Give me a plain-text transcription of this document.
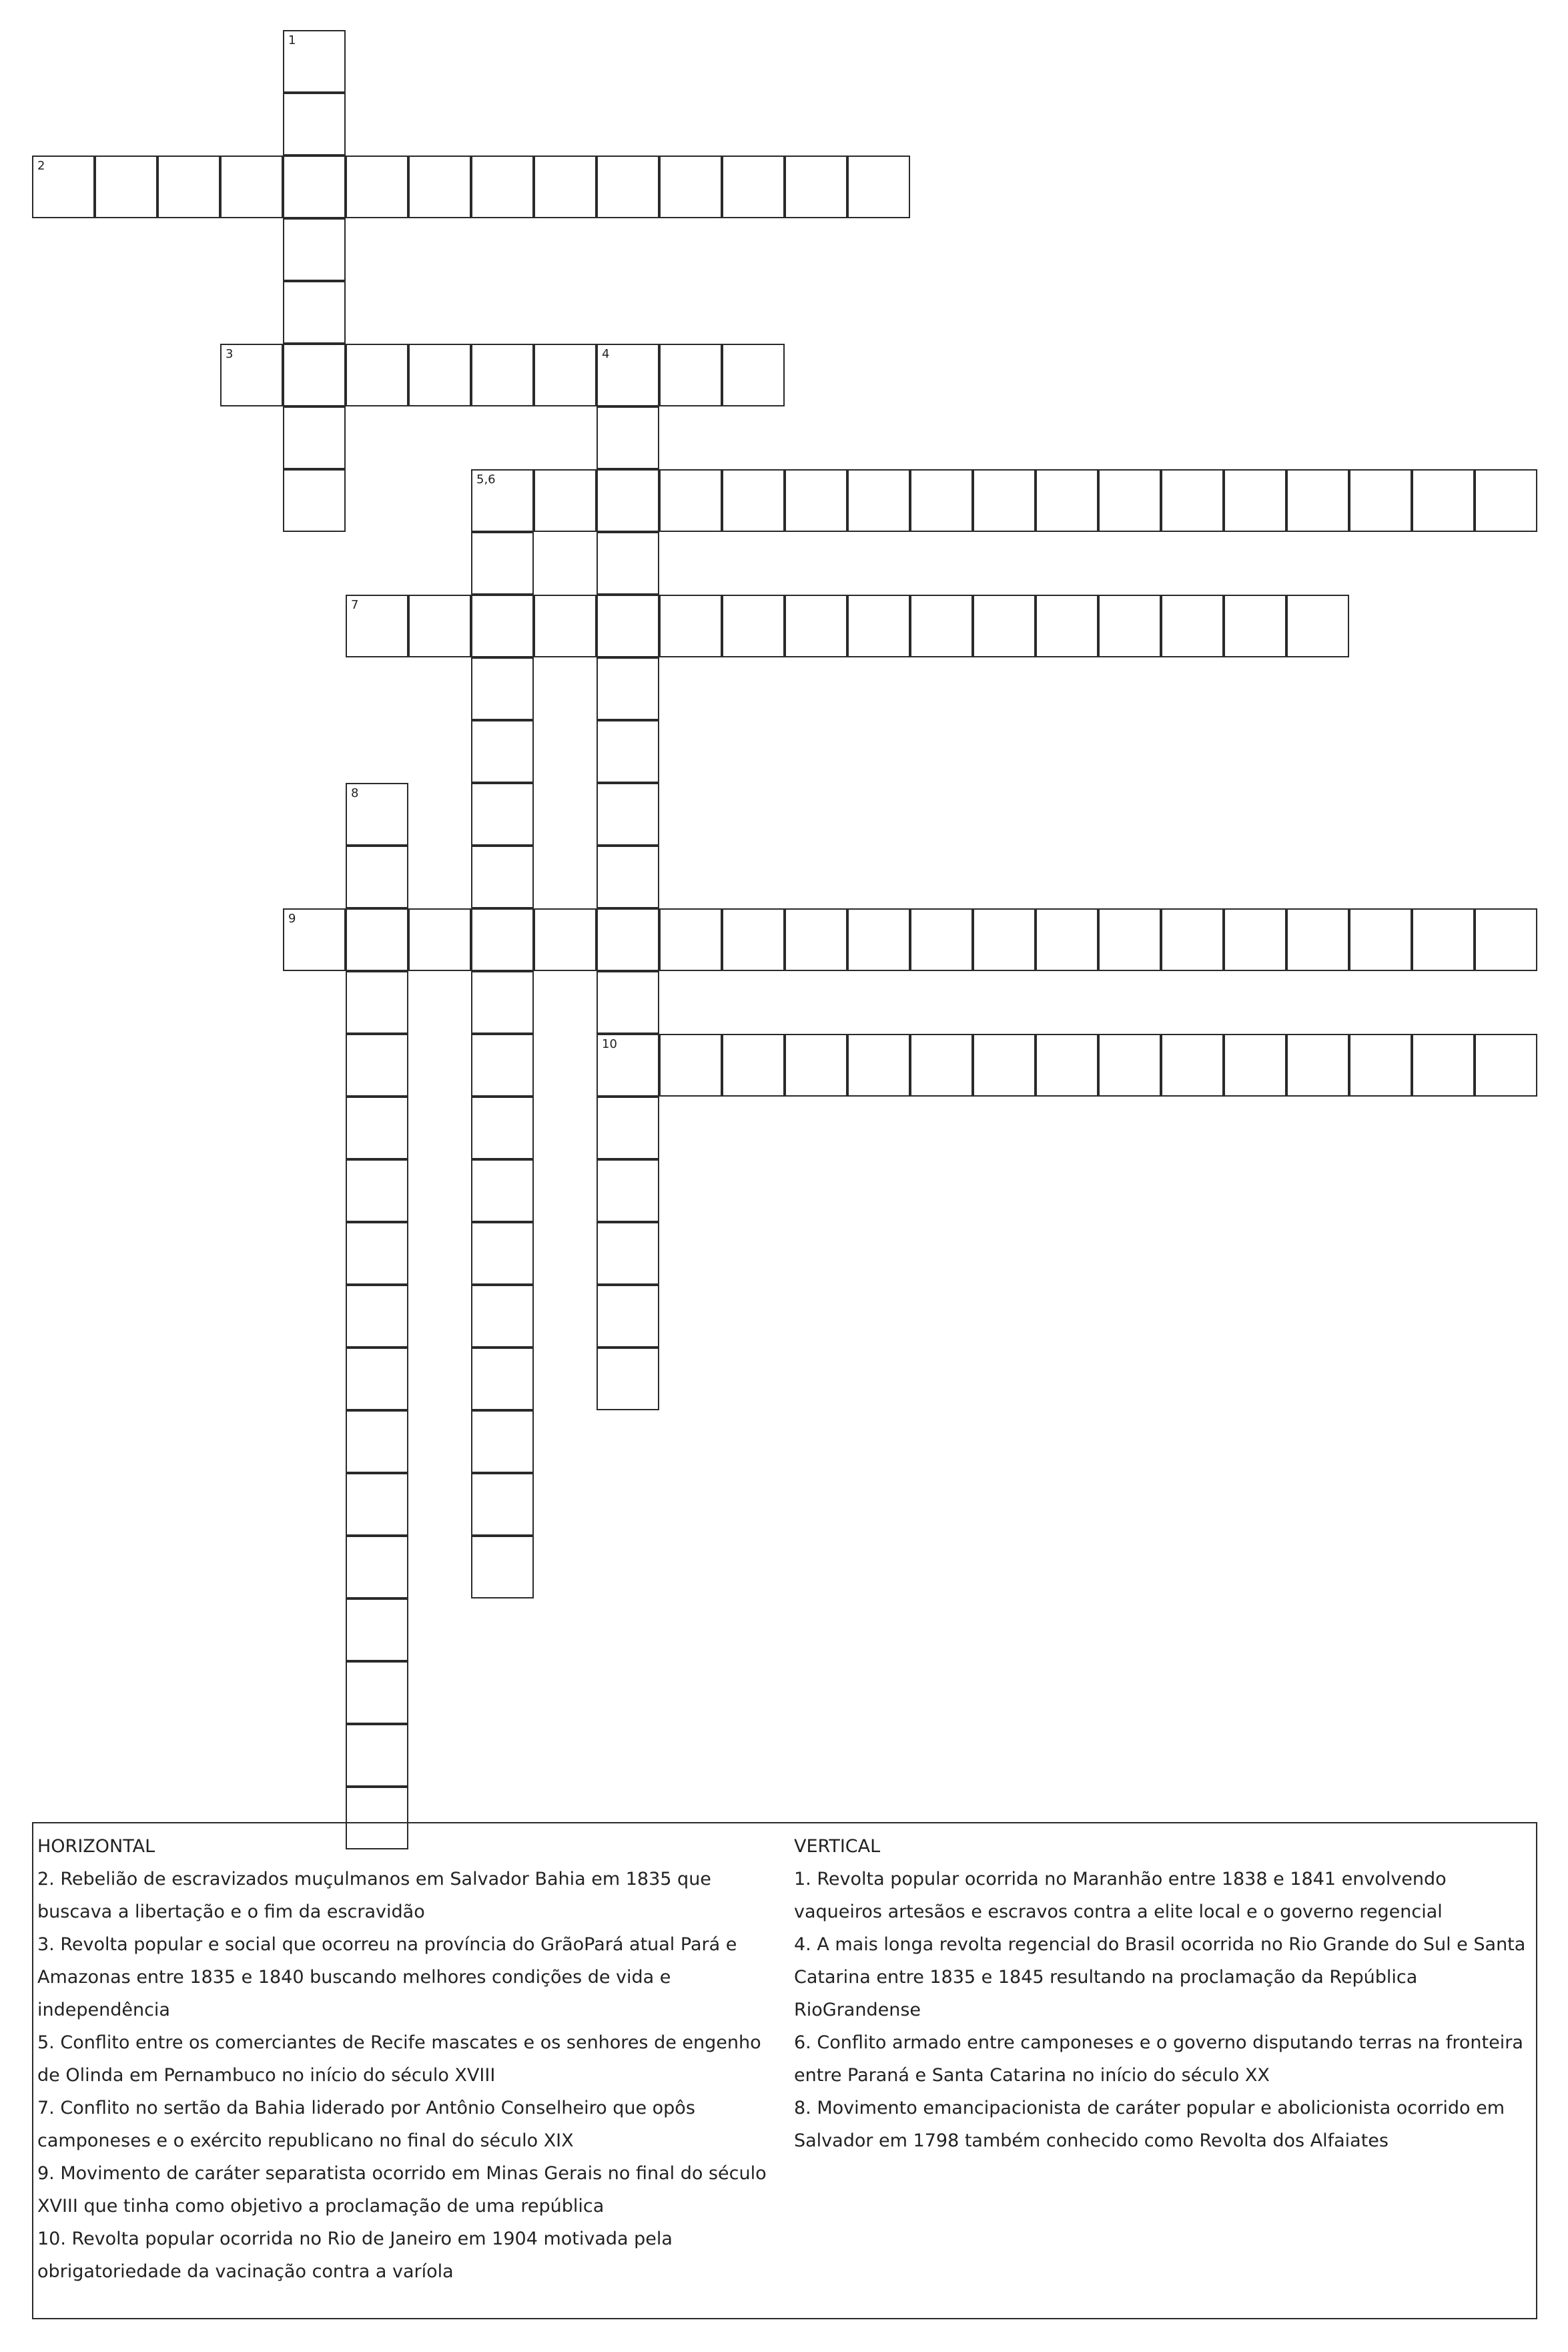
1
2
3	4
10
5,6
7
8
9
HORIZONTAL
2. Rebelião de escravizados muçulmanos em Salvador Bahia em 1835 que buscava a libertação e o fim da escravidão
3. Revolta popular e social que ocorreu na província do GrãoPará atual Pará e Amazonas entre 1835 e 1840 buscando melhores condições de vida e independência
5. Conflito entre os comerciantes de Recife mascates e os senhores de engenho de Olinda em Pernambuco no início do século XVIII
7. Conflito no sertão da Bahia liderado por Antônio Conselheiro que opôs camponeses e o exército republicano no final do século XIX
9. Movimento de caráter separatista ocorrido em Minas Gerais no final do século XVIII que tinha como objetivo a proclamação de uma república
10. Revolta popular ocorrida no Rio de Janeiro em 1904 motivada pela obrigatoriedade da vacinação contra a varíola
VERTICAL
1. Revolta popular ocorrida no Maranhão entre 1838 e 1841 envolvendo vaqueiros artesãos e escravos contra a elite local e o governo regencial
4. A mais longa revolta regencial do Brasil ocorrida no Rio Grande do Sul e Santa Catarina entre 1835 e 1845 resultando na proclamação da República RioGrandense
6. Conflito armado entre camponeses e o governo disputando terras na fronteira entre Paraná e Santa Catarina no início do século XX
8. Movimento emancipacionista de caráter popular e abolicionista ocorrido em Salvador em 1798 também conhecido como Revolta dos Alfaiates
